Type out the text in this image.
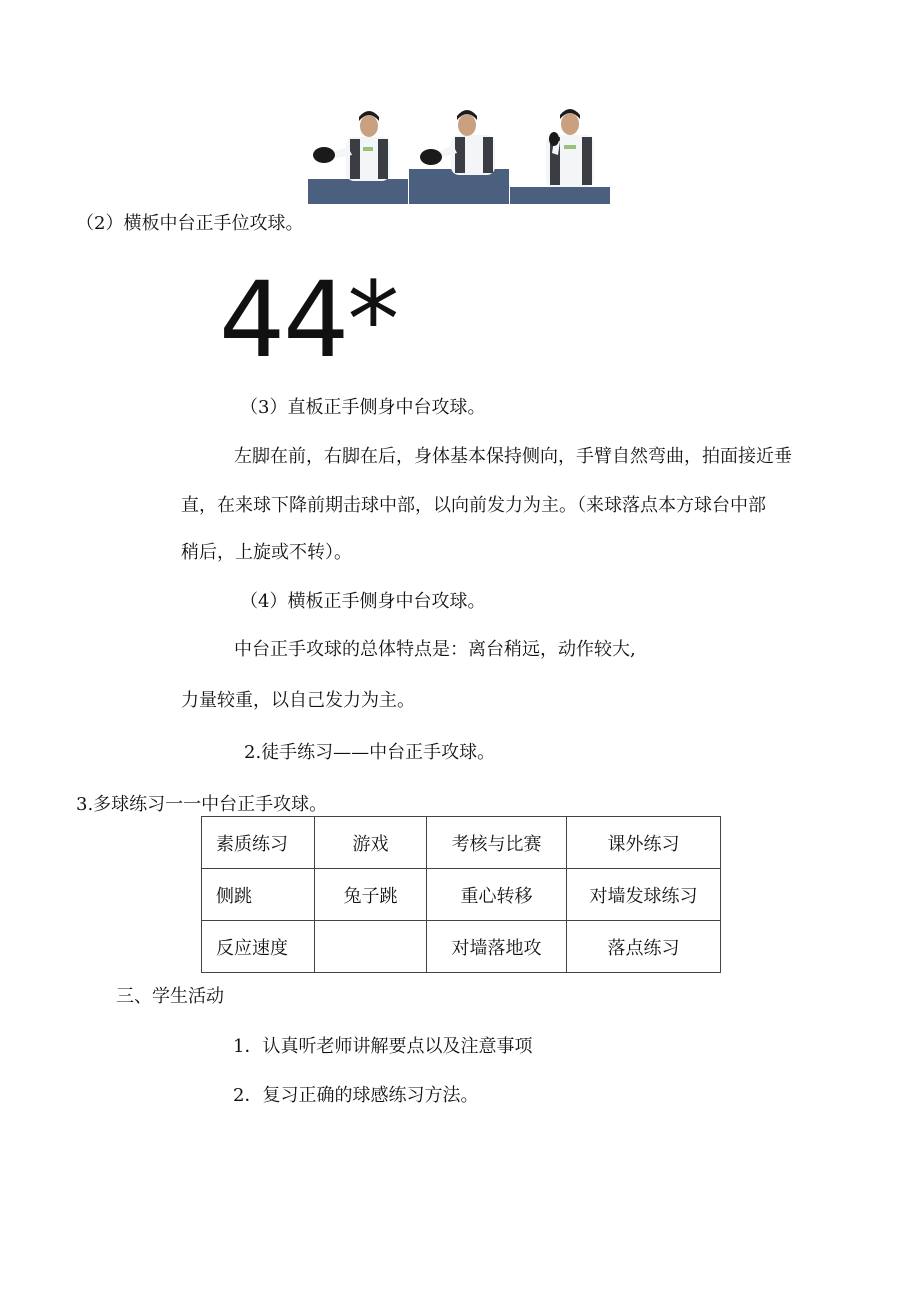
（2）横板中台正手位攻球。
44*
（3）直板正手侧身中台攻球。
左脚在前，右脚在后，身体基本保持侧向，手臂自然弯曲，拍面接近垂
直，在来球下降前期击球中部，以向前发力为主。（来球落点本方球台中部
稍后，上旋或不转）。
（4）横板正手侧身中台攻球。
中台正手攻球的总体特点是：离台稍远，动作较大,
力量较重，以自己发力为主。
2.徒手练习——中台正手攻球。
3.多球练习一一中台正手攻球。
素质练习	游戏	考核与比赛	课外练习
侧跳	兔子跳	重心转移	对墙发球练习
反应速度		对墙落地攻	落点练习
三、学生活动
1．认真听老师讲解要点以及注意事项
2．复习正确的球感练习方法。
